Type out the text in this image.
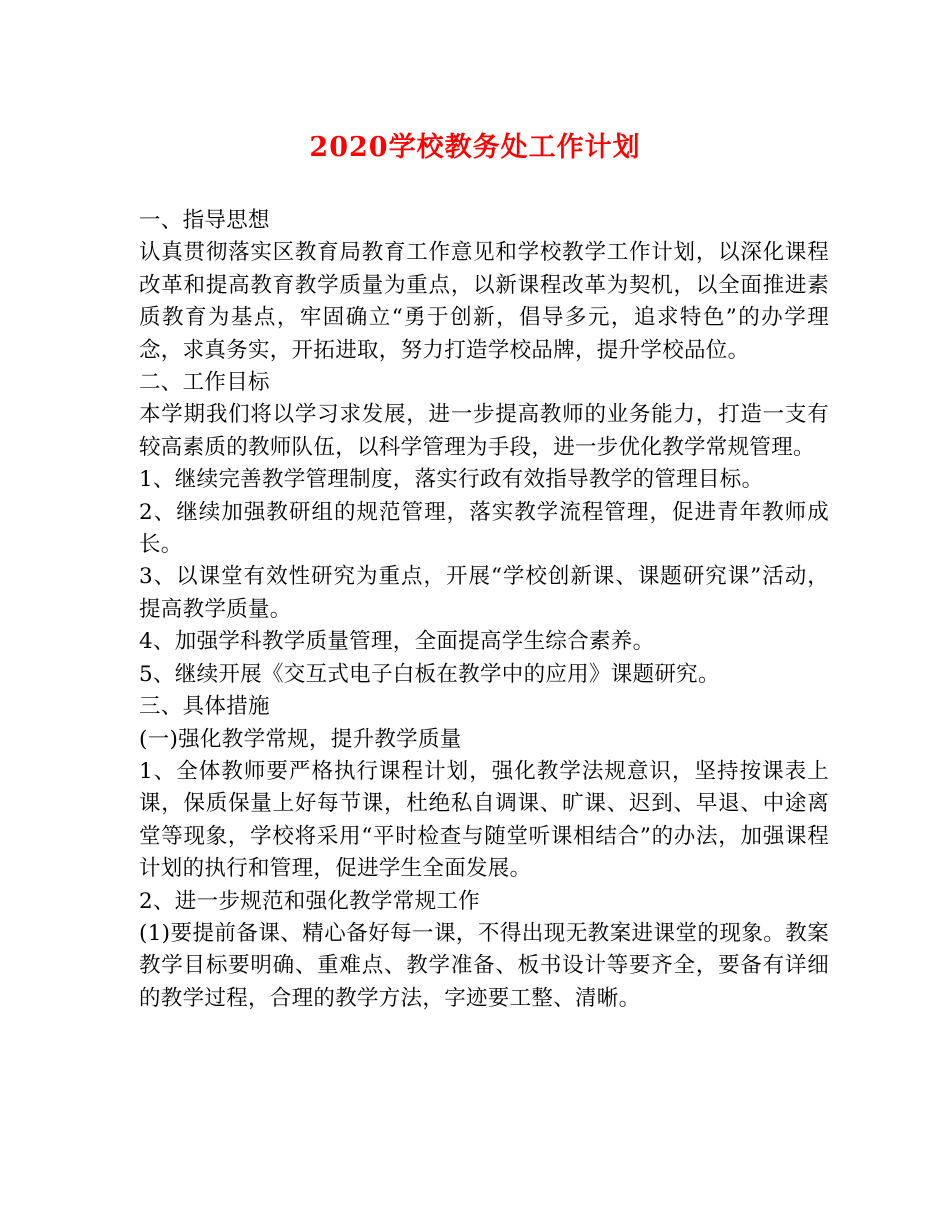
2020学校教务处工作计划

一、指导思想

认真贯彻落实区教育局教育工作意见和学校教学工作计划，以深化课程改革和提高教育教学质量为重点，以新课程改革为契机，以全面推进素质教育为基点，牢固确立“勇于创新，倡导多元，追求特色”的办学理念，求真务实，开拓进取，努力打造学校品牌，提升学校品位。

二、工作目标

本学期我们将以学习求发展，进一步提高教师的业务能力，打造一支有较高素质的教师队伍，以科学管理为手段，进一步优化教学常规管理。

1、继续完善教学管理制度，落实行政有效指导教学的管理目标。

2、继续加强教研组的规范管理，落实教学流程管理，促进青年教师成长。

3、以课堂有效性研究为重点，开展“学校创新课、课题研究课”活动，提高教学质量。

4、加强学科教学质量管理，全面提高学生综合素养。

5、继续开展《交互式电子白板在教学中的应用》课题研究。

三、具体措施

(一)强化教学常规，提升教学质量

1、全体教师要严格执行课程计划，强化教学法规意识，坚持按课表上课，保质保量上好每节课，杜绝私自调课、旷课、迟到、早退、中途离堂等现象，学校将采用“平时检查与随堂听课相结合”的办法，加强课程计划的执行和管理，促进学生全面发展。

2、进一步规范和强化教学常规工作

(1)要提前备课、精心备好每一课，不得出现无教案进课堂的现象。教案教学目标要明确、重难点、教学准备、板书设计等要齐全，要备有详细的教学过程，合理的教学方法，字迹要工整、清晰。
